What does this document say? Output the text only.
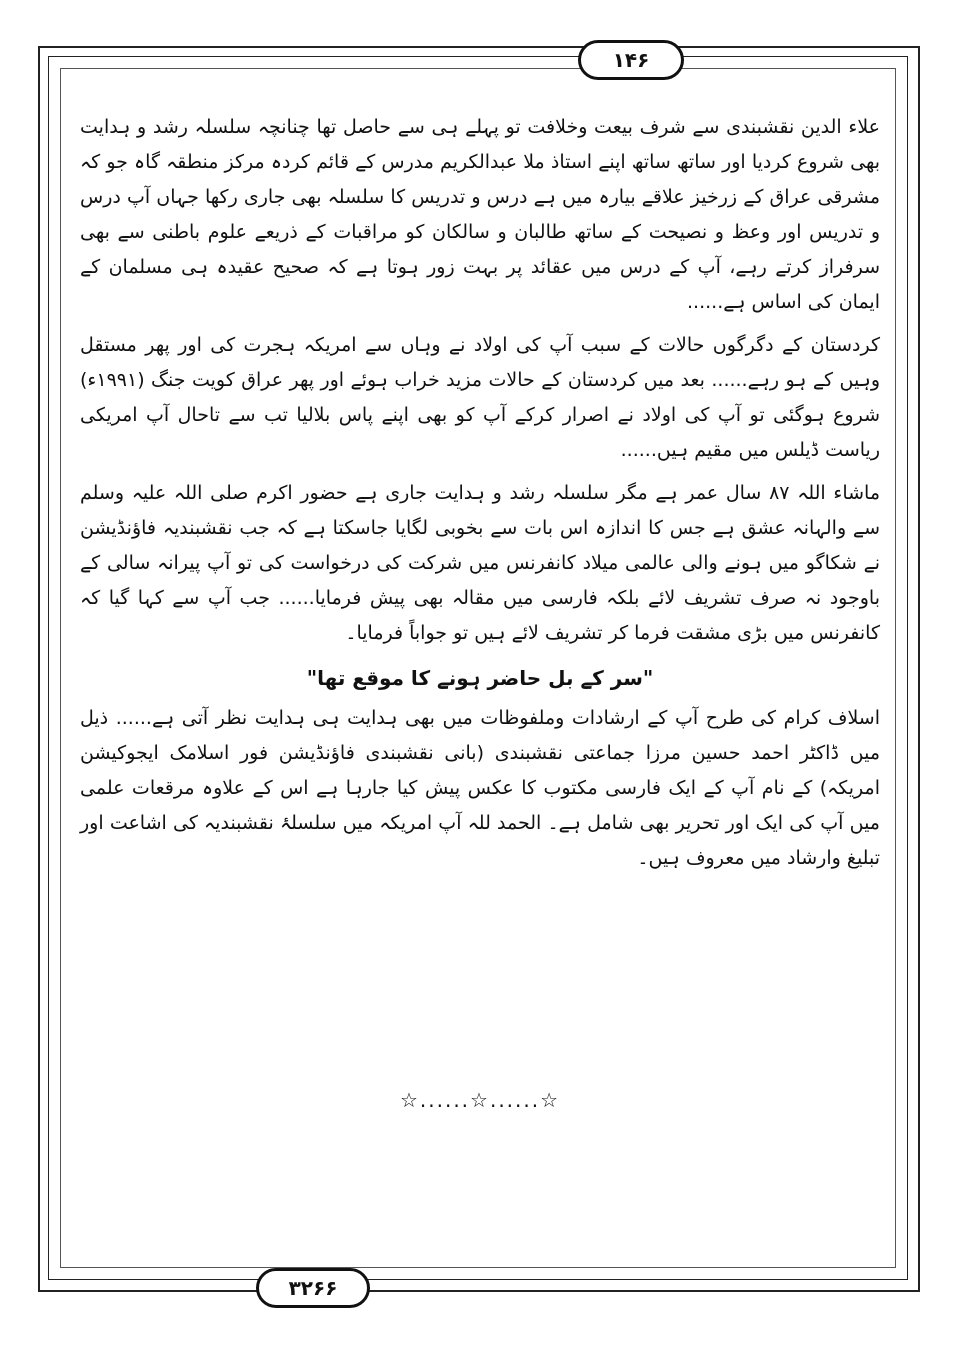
۱۴۶

علاء الدین نقشبندی سے شرف بیعت وخلافت تو پہلے ہی سے حاصل تھا چنانچہ سلسلہ رشد و ہدایت بھی شروع کردیا اور ساتھ ساتھ اپنے استاذ ملا عبدالکریم مدرس کے قائم کردہ مرکز منطقہ گاہ جو کہ مشرقی عراق کے زرخیز علاقے بیارہ میں ہے درس و تدریس کا سلسلہ بھی جاری رکھا جہاں آپ درس و تدریس اور وعظ و نصیحت کے ساتھ طالبان و سالکان کو مراقبات کے ذریعے علوم باطنی سے بھی سرفراز کرتے رہے، آپ کے درس میں عقائد پر بہت زور ہوتا ہے کہ صحیح عقیدہ ہی مسلمان کے ایمان کی اساس ہے......

کردستان کے دگرگوں حالات کے سبب آپ کی اولاد نے وہاں سے امریکہ ہجرت کی اور پھر مستقل وہیں کے ہو رہے...... بعد میں کردستان کے حالات مزید خراب ہوئے اور پھر عراق کویت جنگ (۱۹۹۱ء) شروع ہوگئی تو آپ کی اولاد نے اصرار کرکے آپ کو بھی اپنے پاس بلالیا تب سے تاحال آپ امریکی ریاست ڈیلس میں مقیم ہیں......

ماشاء اللہ ۸۷ سال عمر ہے مگر سلسلہ رشد و ہدایت جاری ہے حضور اکرم صلی اللہ علیہ وسلم سے والہانہ عشق ہے جس کا اندازہ اس بات سے بخوبی لگایا جاسکتا ہے کہ جب نقشبندیہ فاؤنڈیشن نے شکاگو میں ہونے والی عالمی میلاد کانفرنس میں شرکت کی درخواست کی تو آپ پیرانہ سالی کے باوجود نہ صرف تشریف لائے بلکہ فارسی میں مقالہ بھی پیش فرمایا...... جب آپ سے کہا گیا کہ کانفرنس میں بڑی مشقت فرما کر تشریف لائے ہیں تو جواباً فرمایا۔

"سر کے بل حاضر ہونے کا موقع تھا"

اسلاف کرام کی طرح آپ کے ارشادات وملفوظات میں بھی ہدایت ہی ہدایت نظر آتی ہے...... ذیل میں ڈاکٹر احمد حسین مرزا جماعتی نقشبندی (بانی نقشبندی فاؤنڈیشن فور اسلامک ایجوکیشن امریکہ) کے نام آپ کے ایک فارسی مکتوب کا عکس پیش کیا جارہا ہے اس کے علاوہ مرقعات علمی میں آپ کی ایک اور تحریر بھی شامل ہے۔ الحمد للہ آپ امریکہ میں سلسلۂ نقشبندیہ کی اشاعت اور تبلیغ وارشاد میں معروف ہیں۔

☆......☆......☆
۳۲۶۶
